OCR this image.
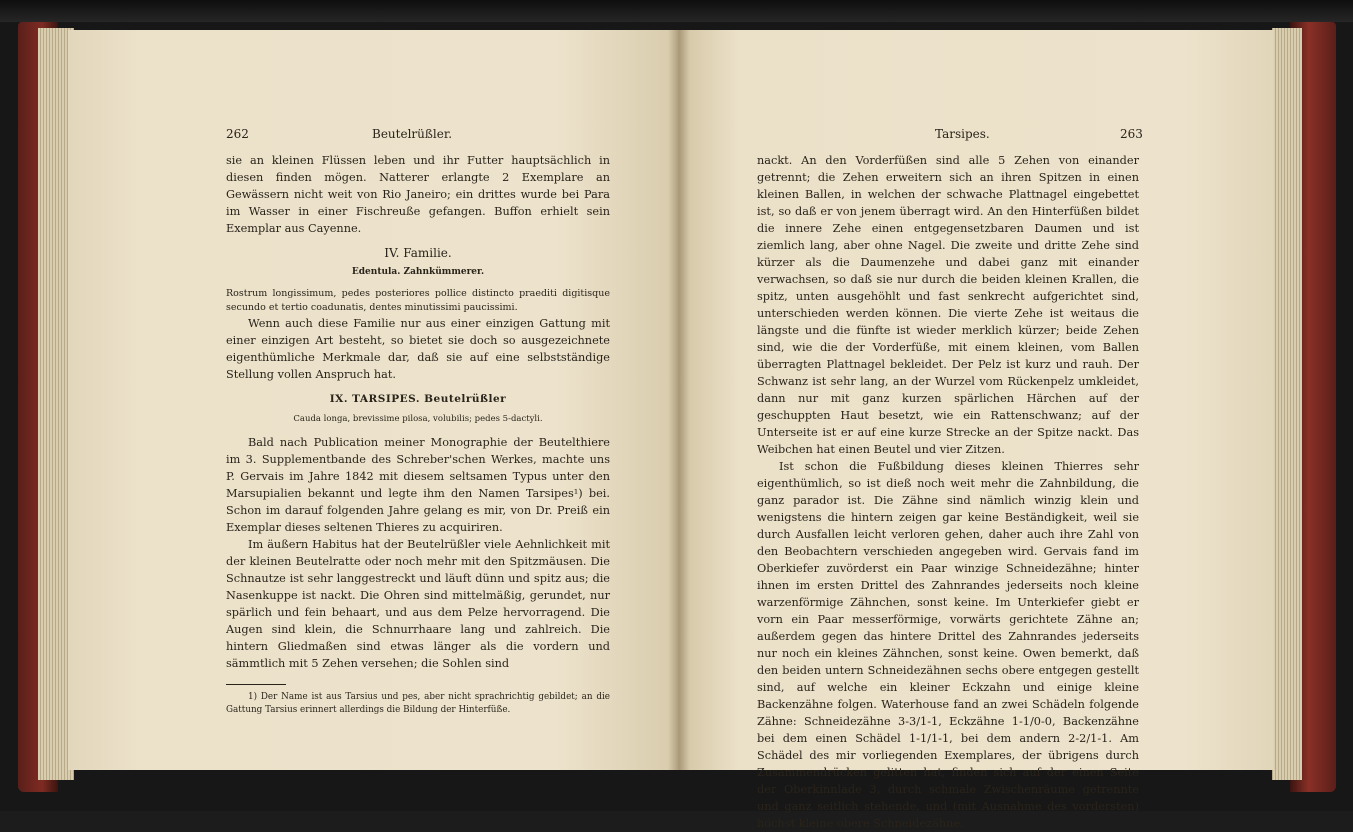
262	Beutelrüßler.

sie an kleinen Flüssen leben und ihr Futter hauptsächlich in diesen finden mögen. Natterer erlangte 2 Exemplare an Gewässern nicht weit von Rio Janeiro; ein drittes wurde bei Para im Wasser in einer Fischreuße gefangen. Buffon erhielt sein Exemplar aus Cayenne.

IV. Familie.
Edentula. Zahnkümmerer.

Rostrum longissimum, pedes posteriores pollice distincto praediti digitisque secundo et tertio coadunatis, dentes minutissimi paucissimi.

Wenn auch diese Familie nur aus einer einzigen Gattung mit einer einzigen Art besteht, so bietet sie doch so ausgezeichnete eigenthümliche Merkmale dar, daß sie auf eine selbstständige Stellung vollen Anspruch hat.

IX. TARSIPES. Beutelrüßler
Cauda longa, brevissime pilosa, volubilis; pedes 5-dactyli.

Bald nach Publication meiner Monographie der Beutelthiere im 3. Supplementbande des Schreber'schen Werkes, machte uns P. Gervais im Jahre 1842 mit diesem seltsamen Typus unter den Marsupialien bekannt und legte ihm den Namen Tarsipes¹) bei. Schon im darauf folgenden Jahre gelang es mir, von Dr. Preiß ein Exemplar dieses seltenen Thieres zu acquiriren.

Im äußern Habitus hat der Beutelrüßler viele Aehnlichkeit mit der kleinen Beutelratte oder noch mehr mit den Spitzmäusen. Die Schnautze ist sehr langgestreckt und läuft dünn und spitz aus; die Nasenkuppe ist nackt. Die Ohren sind mittelmäßig, gerundet, nur spärlich und fein behaart, und aus dem Pelze hervorragend. Die Augen sind klein, die Schnurrhaare lang und zahlreich. Die hintern Gliedmaßen sind etwas länger als die vordern und sämmtlich mit 5 Zehen versehen; die Sohlen sind

1) Der Name ist aus Tarsius und pes, aber nicht sprachrichtig gebildet; an die Gattung Tarsius erinnert allerdings die Bildung der Hinterfüße.

Tarsipes.	263

nackt. An den Vorderfüßen sind alle 5 Zehen von einander getrennt; die Zehen erweitern sich an ihren Spitzen in einen kleinen Ballen, in welchen der schwache Plattnagel eingebettet ist, so daß er von jenem überragt wird. An den Hinterfüßen bildet die innere Zehe einen entgegensetzbaren Daumen und ist ziemlich lang, aber ohne Nagel. Die zweite und dritte Zehe sind kürzer als die Daumenzehe und dabei ganz mit einander verwachsen, so daß sie nur durch die beiden kleinen Krallen, die spitz, unten ausgehöhlt und fast senkrecht aufgerichtet sind, unterschieden werden können. Die vierte Zehe ist weitaus die längste und die fünfte ist wieder merklich kürzer; beide Zehen sind, wie die der Vorderfüße, mit einem kleinen, vom Ballen überragten Plattnagel bekleidet. Der Pelz ist kurz und rauh. Der Schwanz ist sehr lang, an der Wurzel vom Rückenpelz umkleidet, dann nur mit ganz kurzen spärlichen Härchen auf der geschuppten Haut besetzt, wie ein Rattenschwanz; auf der Unterseite ist er auf eine kurze Strecke an der Spitze nackt. Das Weibchen hat einen Beutel und vier Zitzen.

Ist schon die Fußbildung dieses kleinen Thierres sehr eigenthümlich, so ist dieß noch weit mehr die Zahnbildung, die ganz parador ist. Die Zähne sind nämlich winzig klein und wenigstens die hintern zeigen gar keine Beständigkeit, weil sie durch Ausfallen leicht verloren gehen, daher auch ihre Zahl von den Beobachtern verschieden angegeben wird. Gervais fand im Oberkiefer zuvörderst ein Paar winzige Schneidezähne; hinter ihnen im ersten Drittel des Zahnrandes jederseits noch kleine warzenförmige Zähnchen, sonst keine. Im Unterkiefer giebt er vorn ein Paar messerförmige, vorwärts gerichtete Zähne an; außerdem gegen das hintere Drittel des Zahnrandes jederseits nur noch ein kleines Zähnchen, sonst keine. Owen bemerkt, daß den beiden untern Schneidezähnen sechs obere entgegen gestellt sind, auf welche ein kleiner Eckzahn und einige kleine Backenzähne folgen. Waterhouse fand an zwei Schädeln folgende Zähne: Schneidezähne 3-3/1-1, Eckzähne 1-1/0-0, Backenzähne bei dem einen Schädel 1-1/1-1, bei dem andern 2-2/1-1. Am Schädel des mir vorliegenden Exemplares, der übrigens durch Zusammendrücken gelitten hat, finden sich auf der einen Seite der Oberkinnlade 3, durch schmale Zwischenräume getrennte und ganz seitlich stehende, und (mit Ausnahme des vordersten) höchst kleine obere Schneidezähne.
